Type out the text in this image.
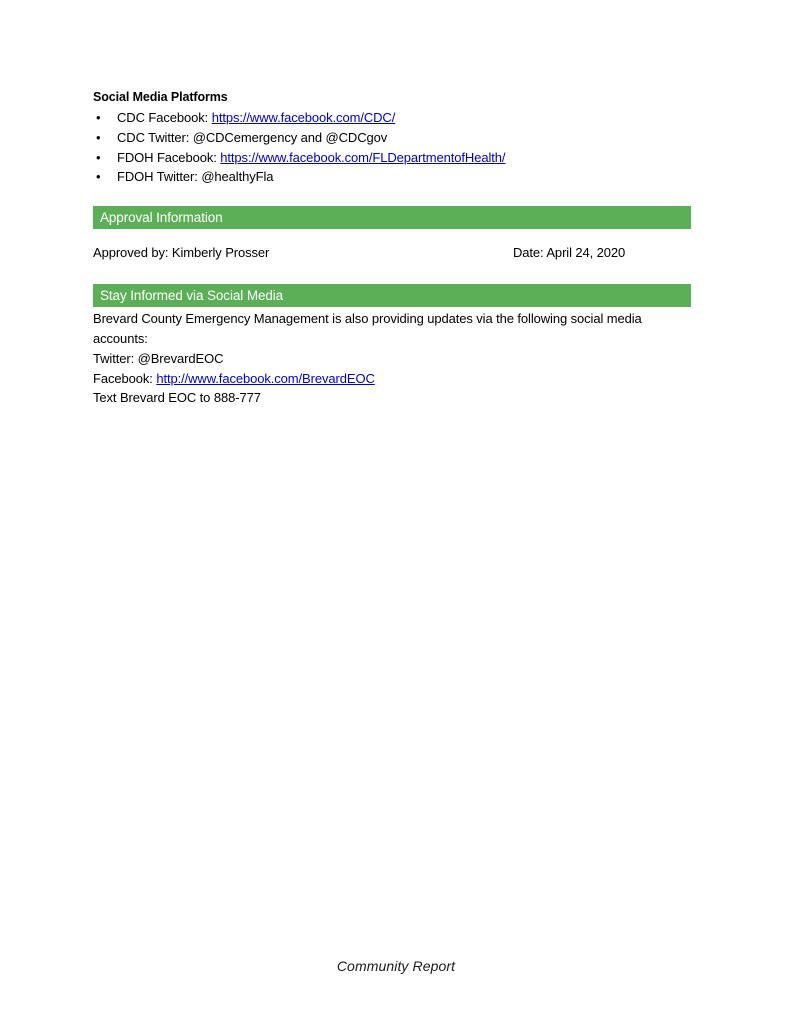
Social Media Platforms
• CDC Facebook: https://www.facebook.com/CDC/
• CDC Twitter: @CDCemergency and @CDCgov
• FDOH Facebook: https://www.facebook.com/FLDepartmentofHealth/
• FDOH Twitter: @healthyFla
Approval Information
Approved by: Kimberly Prosser	Date: April 24, 2020
Stay Informed via Social Media

Brevard County Emergency Management is also providing updates via the following social media accounts:

Twitter: @BrevardEOC

Facebook: http://www.facebook.com/BrevardEOC

Text Brevard EOC to 888-777

Community Report
